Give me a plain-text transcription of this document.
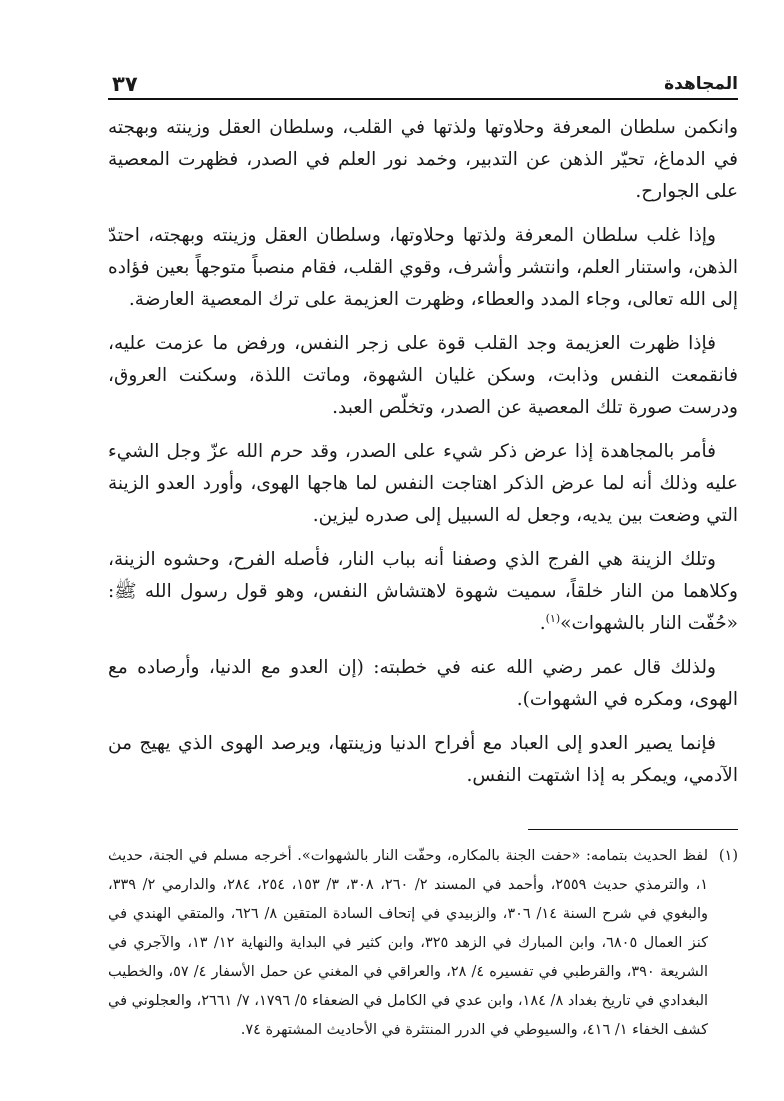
المجاهدة
٣٧

وانكمن سلطان المعرفة وحلاوتها ولذتها في القلب، وسلطان العقل وزينته وبهجته في الدماغ، تحيّر الذهن عن التدبير، وخمد نور العلم في الصدر، فظهرت المعصية على الجوارح.

وإذا غلب سلطان المعرفة ولذتها وحلاوتها، وسلطان العقل وزينته وبهجته، احتدّ الذهن، واستنار العلم، وانتشر وأشرف، وقوي القلب، فقام منصباً متوجهاً بعين فؤاده إلى الله تعالى، وجاء المدد والعطاء، وظهرت العزيمة على ترك المعصية العارضة.

فإذا ظهرت العزيمة وجد القلب قوة على زجر النفس، ورفض ما عزمت عليه، فانقمعت النفس وذابت، وسكن غليان الشهوة، وماتت اللذة، وسكنت العروق، ودرست صورة تلك المعصية عن الصدر، وتخلّص العبد.

فأمر بالمجاهدة إذا عرض ذكر شيء على الصدر، وقد حرم الله عزّ وجل الشيء عليه وذلك أنه لما عرض الذكر اهتاجت النفس لما هاجها الهوى، وأورد العدو الزينة التي وضعت بين يديه، وجعل له السبيل إلى صدره ليزين.

وتلك الزينة هي الفرج الذي وصفنا أنه بباب النار، فأصله الفرح، وحشوه الزينة، وكلاهما من النار خلقاً، سميت شهوة لاهتشاش النفس، وهو قول رسول الله ﷺ: «حُفّت النار بالشهوات»$^{(١)}$.

ولذلك قال عمر رضي الله عنه في خطبته: (إن العدو مع الدنيا، وأرصاده مع الهوى، ومكره في الشهوات).

فإنما يصير العدو إلى العباد مع أفراح الدنيا وزينتها، ويرصد الهوى الذي يهيج من الآدمي، ويمكر به إذا اشتهت النفس.

(١)
لفظ الحديث بتمامه: «حفت الجنة بالمكاره، وحفّت النار بالشهوات». أخرجه مسلم في الجنة، حديث ١، والترمذي حديث ٢٥٥٩، وأحمد في المسند ٢/ ٢٦٠، ٣٠٨، ٣/ ١٥٣، ٢٥٤، ٢٨٤، والدارمي ٢/ ٣٣٩، والبغوي في شرح السنة ١٤/ ٣٠٦، والزبيدي في إتحاف السادة المتقين ٨/ ٦٢٦، والمتقي الهندي في كنز العمال ٦٨٠٥، وابن المبارك في الزهد ٣٢٥، وابن كثير في البداية والنهاية ١٢/ ١٣، والآجري في الشريعة ٣٩٠، والقرطبي في تفسيره ٤/ ٢٨، والعراقي في المغني عن حمل الأسفار ٤/ ٥٧، والخطيب البغدادي في تاريخ بغداد ٨/ ١٨٤، وابن عدي في الكامل في الضعفاء ٥/ ١٧٩٦، ٧/ ٢٦٦١، والعجلوني في كشف الخفاء ١/ ٤١٦، والسيوطي في الدرر المنتثرة في الأحاديث المشتهرة ٧٤.
